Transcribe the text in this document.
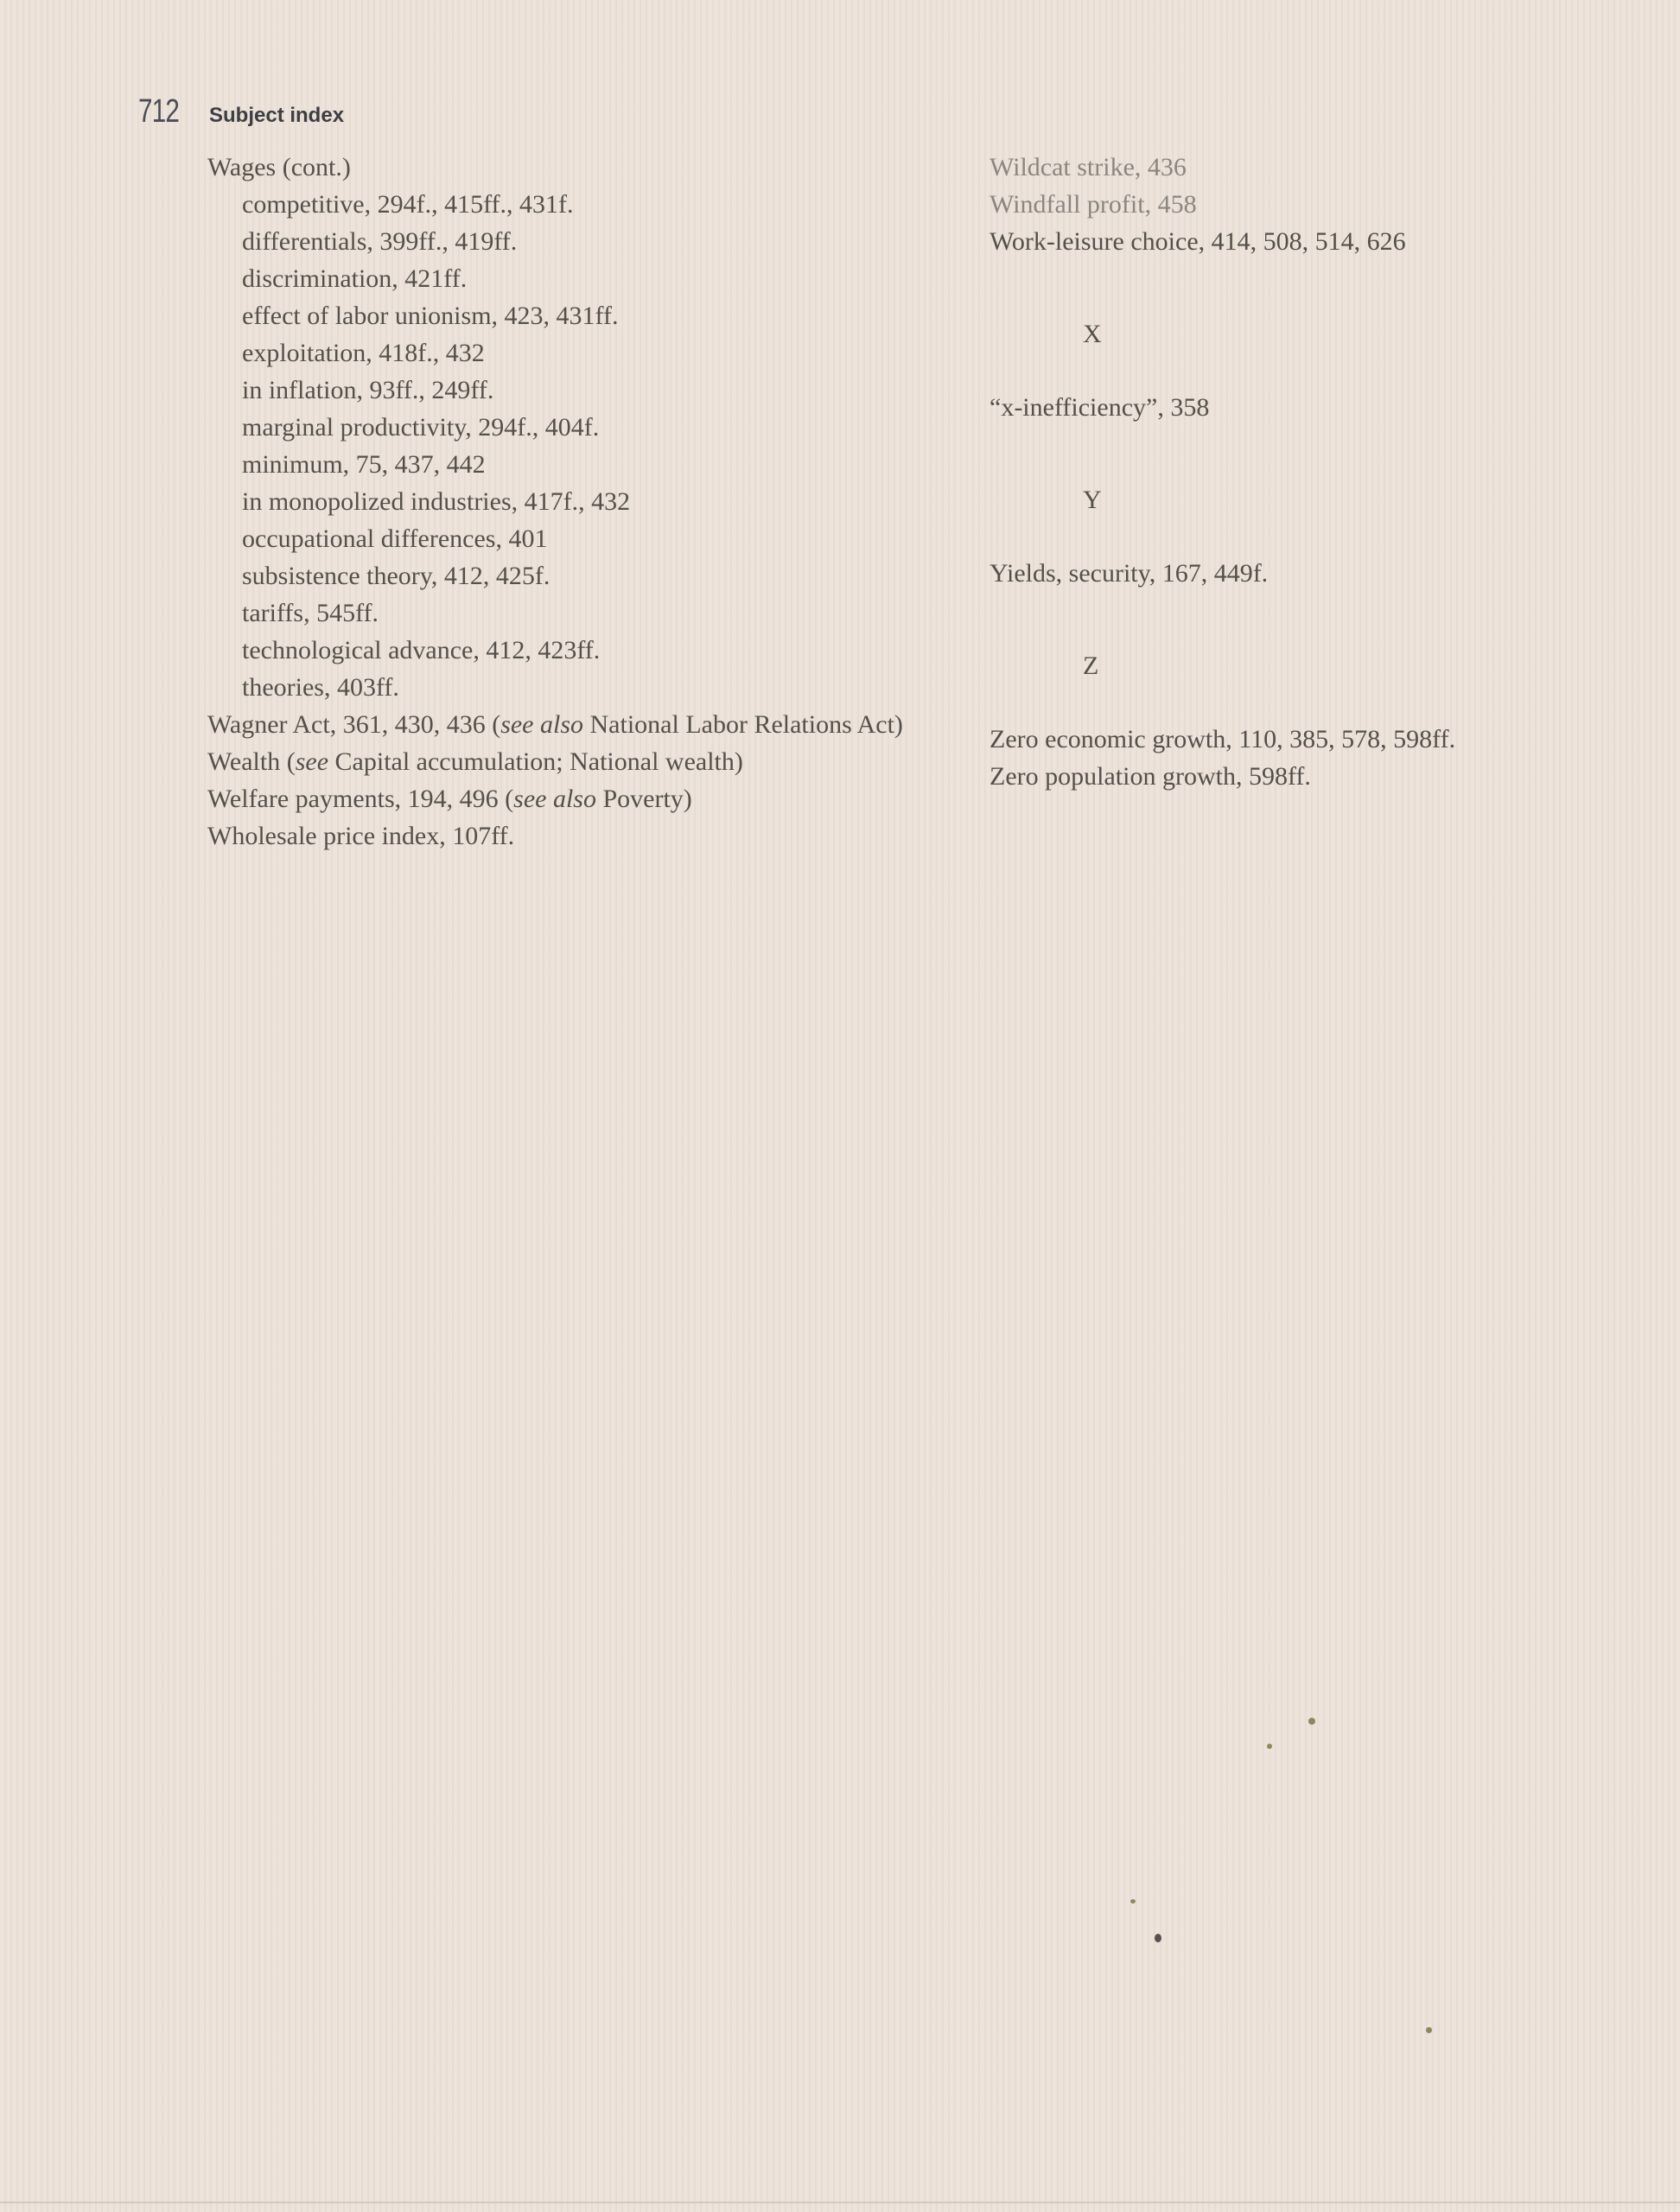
712 Subject index
Wages (cont.)
competitive, 294f., 415ff., 431f.
differentials, 399ff., 419ff.
discrimination, 421ff.
effect of labor unionism, 423, 431ff.
exploitation, 418f., 432
in inflation, 93ff., 249ff.
marginal productivity, 294f., 404f.
minimum, 75, 437, 442
in monopolized industries, 417f., 432
occupational differences, 401
subsistence theory, 412, 425f.
tariffs, 545ff.
technological advance, 412, 423ff.
theories, 403ff.
Wagner Act, 361, 430, 436 (see also National Labor Relations Act)
Wealth (see Capital accumulation; National wealth)
Welfare payments, 194, 496 (see also Poverty)
Wholesale price index, 107ff.
Wildcat strike, 436
Windfall profit, 458
Work-leisure choice, 414, 508, 514, 626
X
“x-inefficiency”, 358
Y
Yields, security, 167, 449f.
Z
Zero economic growth, 110, 385, 578, 598ff.
Zero population growth, 598ff.
